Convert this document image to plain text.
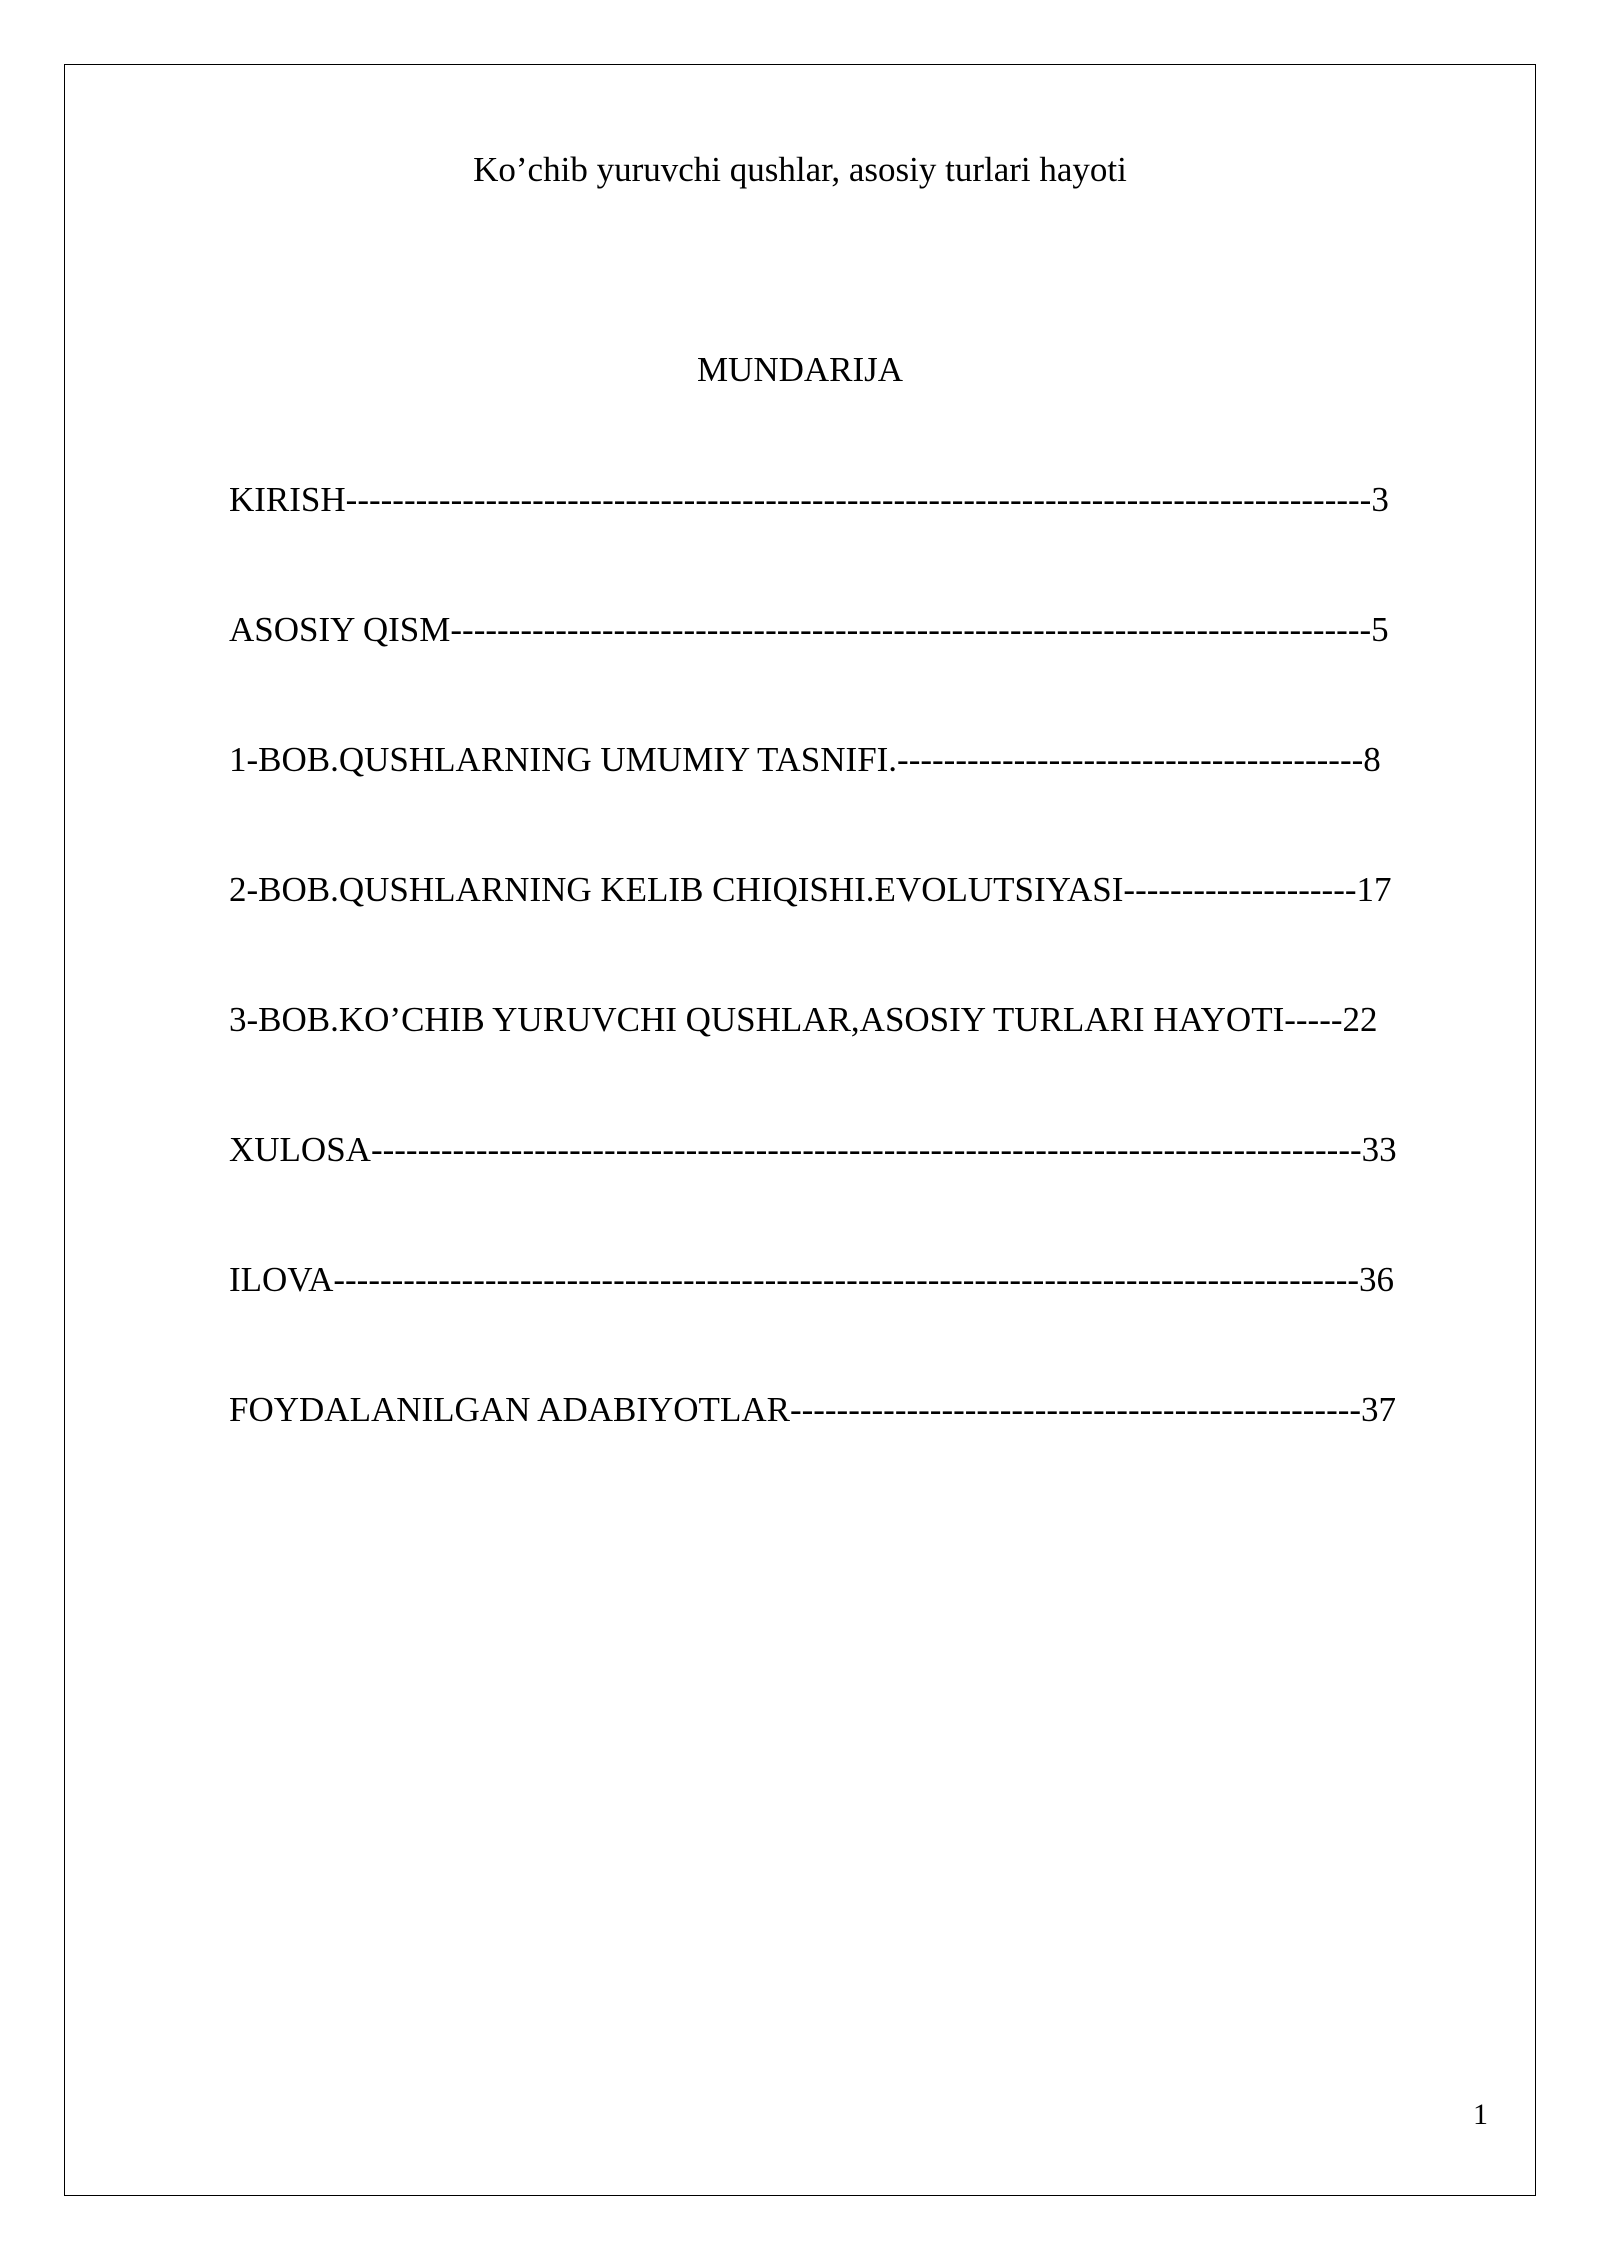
Ko’chib yuruvchi qushlar, asosiy turlari hayoti
MUNDARIJA
KIRISH----------------------------------------------------------------------------------------3
ASOSIY QISM-------------------------------------------------------------------------------5
1-BOB.QUSHLARNING UMUMIY TASNIFI.----------------------------------------8
2-BOB.QUSHLARNING KELIB CHIQISHI.EVOLUTSIYASI--------------------17
3-BOB.KO’CHIB YURUVCHI QUSHLAR,ASOSIY TURLARI HAYOTI-----22
XULOSA-------------------------------------------------------------------------------------33
ILOVA----------------------------------------------------------------------------------------36
FOYDALANILGAN ADABIYOTLAR-------------------------------------------------37
1
